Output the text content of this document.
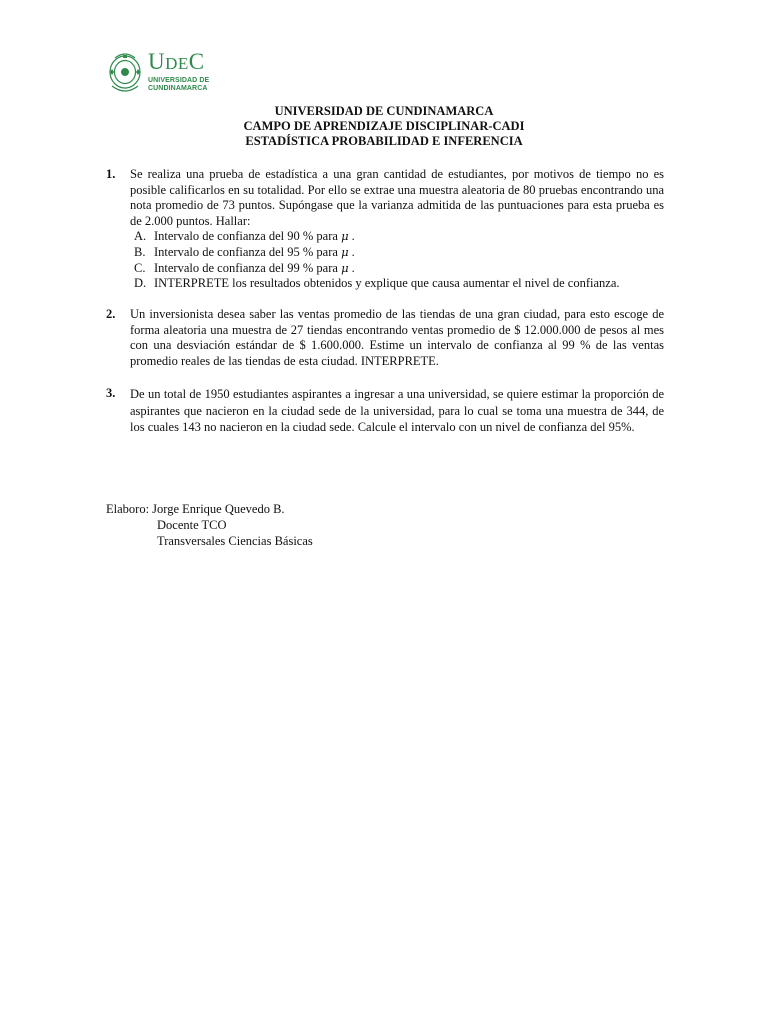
UDEC
UNIVERSIDAD DE
CUNDINAMARCA
UNIVERSIDAD DE CUNDINAMARCA
CAMPO DE APRENDIZAJE DISCIPLINAR-CADI
ESTADÍSTICA PROBABILIDAD E INFERENCIA
1. Se realiza una prueba de estadística a una gran cantidad de estudiantes, por motivos de tiempo no es posible calificarlos en su totalidad. Por ello se extrae una muestra aleatoria de 80 pruebas encontrando una nota promedio de 73 puntos. Supóngase que la varianza admitida de las puntuaciones para esta prueba es de 2.000 puntos. Hallar:

A. Intervalo de confianza del 90 % para μ .
B. Intervalo de confianza del 95 % para μ .
C. Intervalo de confianza del 99 % para μ .
D. INTERPRETE los resultados obtenidos y explique que causa aumentar el nivel de confianza.
2. Un inversionista desea saber las ventas promedio de las tiendas de una gran ciudad, para esto escoge de forma aleatoria una muestra de 27 tiendas encontrando ventas promedio de $ 12.000.000 de pesos al mes con una desviación estándar de $ 1.600.000. Estime un intervalo de confianza al 99 % de las ventas promedio reales de las tiendas de esta ciudad. INTERPRETE.

3. De un total de 1950 estudiantes aspirantes a ingresar a una universidad, se quiere estimar la proporción de aspirantes que nacieron en la ciudad sede de la universidad, para lo cual se toma una muestra de 344, de los cuales 143 no nacieron en la ciudad sede. Calcule el intervalo con un nivel de confianza del 95%.

Elaboro: Jorge Enrique Quevedo B.
Docente TCO
Transversales Ciencias Básicas
